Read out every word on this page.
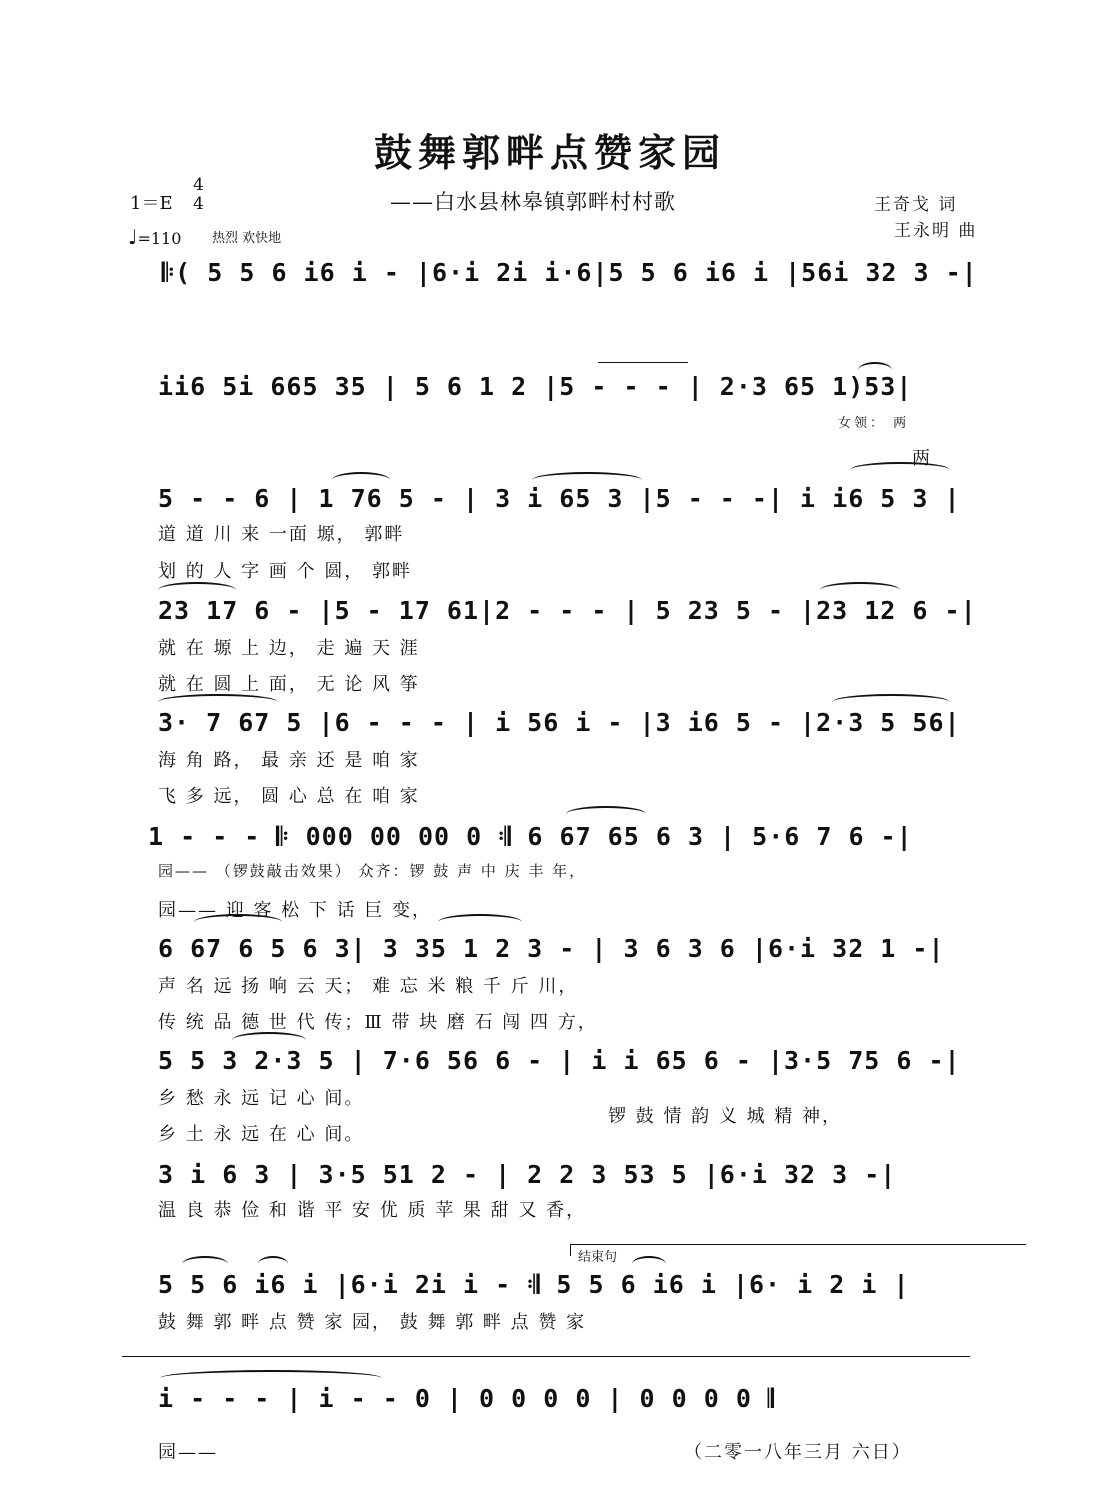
鼓舞郭畔点赞家园
——白水县林皋镇郭畔村村歌	王奇戈 词
王永明 曲
1＝E
4
4
♩=110 热烈 欢快地
𝄆( 5 5 6 i6 i - |6·i 2i i·6|5 5 6 i6 i |56i 32 3 -|
ii6 5i 665 35 | 5 6 1 2 |5 - - - | 2·3 65 1)53|
女领： 两
两
5 - - 6 | 1 76 5 - | 3 i 65 3 |5 - - -| i i6 5 3 |
道 道 川 来 一面 塬， 郭畔
划 的 人 字 画 个 圆， 郭畔
23 17 6 - |5 - 17 61|2 - - - | 5 23 5 - |23 12 6 -|
就 在 塬 上 边， 走 遍 天 涯
就 在 圆 上 面， 无 论 风 筝
3· 7 67 5 |6 - - - | i 56 i - |3 i6 5 - |2·3 5 56|
海 角 路， 最 亲 还 是 咱 家
飞 多 远， 圆 心 总 在 咱 家
1 - - - 𝄆 000 00 00 0 𝄇 6 67 65 6 3 | 5·6 7 6 -|
园—— （锣鼓敲击效果） 众齐：锣 鼓 声 中 庆 丰 年，
园—— 迎 客 松 下 话 巨 变，
6 67 6 5 6 3| 3 35 1 2 3 - | 3 6 3 6 |6·i 32 1 -|
声 名 远 扬 响 云 天； 难 忘 米 粮 千 斤 川，
传 统 品 德 世 代 传；Ⅲ 带 块 磨 石 闯 四 方，
5 5 3 2·3 5 | 7·6 56 6 - | i i 65 6 - |3·5 75 6 -|
乡 愁 永 远 记 心 间。
乡 土 永 远 在 心 间。
锣 鼓 情 韵 义 城 精 神，
3 i 6 3 | 3·5 51 2 - | 2 2 3 53 5 |6·i 32 3 -|
温 良 恭 俭 和 谐 平 安 优 质 苹 果 甜 又 香，
结束句
5 5 6 i6 i |6·i 2i i - 𝄇 5 5 6 i6 i |6· i 2 i |
鼓 舞 郭 畔 点 赞 家 园， 鼓 舞 郭 畔 点 赞 家
i - - - | i - - 0 | 0 0 0 0 | 0 0 0 0 𝄂
园——	（二零一八年三月 六日）
